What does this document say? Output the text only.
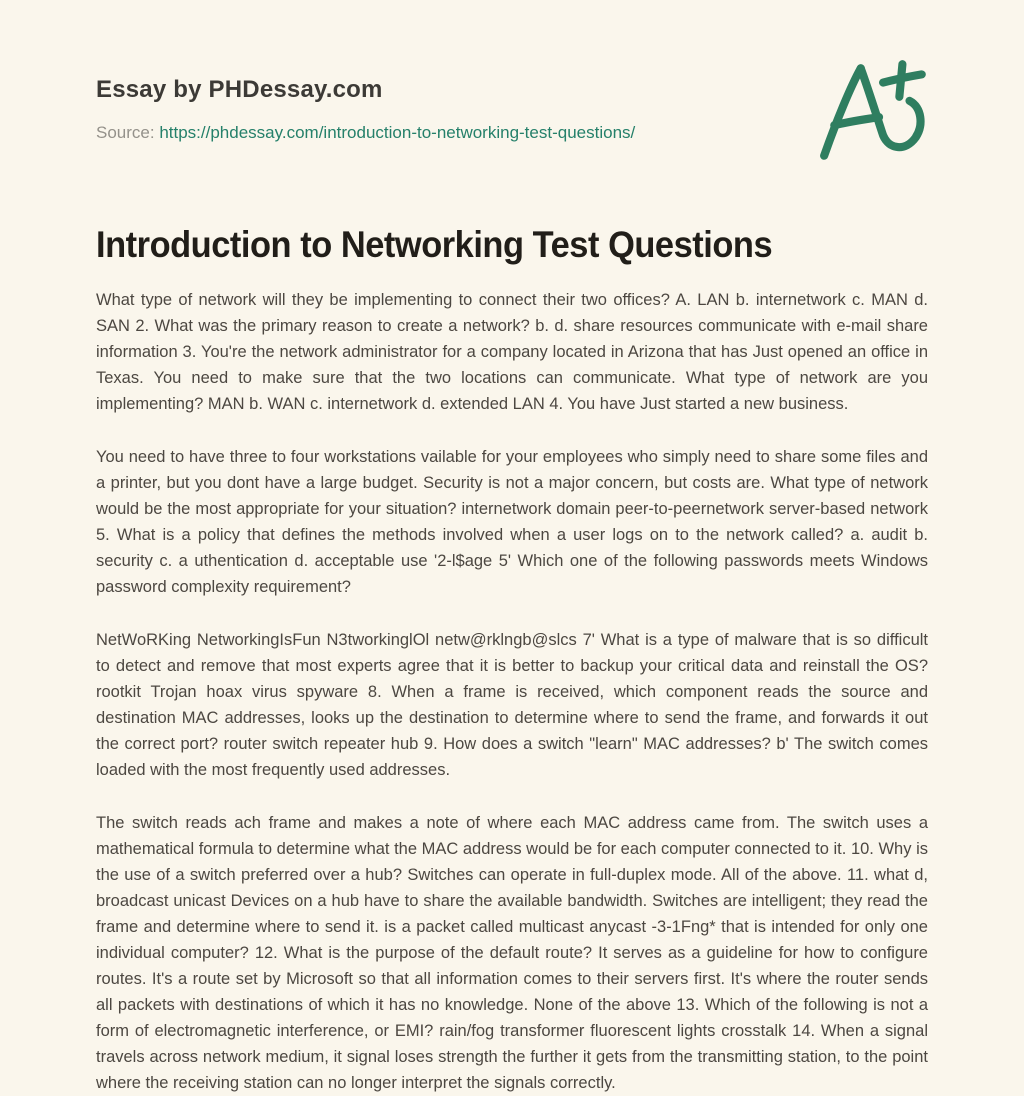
Essay by PHDessay.com
Source: https://phdessay.com/introduction-to-networking-test-questions/
Introduction to Networking Test Questions

What type of network will they be implementing to connect their two offices? A. LAN b. internetwork c. MAN d. SAN 2. What was the primary reason to create a network? b. d. share resources communicate with e-mail share information 3. You're the network administrator for a company located in Arizona that has Just opened an office in Texas. You need to make sure that the two locations can communicate. What type of network are you implementing? MAN b. WAN c. internetwork d. extended LAN 4. You have Just started a new business.

You need to have three to four workstations vailable for your employees who simply need to share some files and a printer, but you dont have a large budget. Security is not a major concern, but costs are. What type of network would be the most appropriate for your situation? internetwork domain peer-to-peernetwork server-based network 5. What is a policy that defines the methods involved when a user logs on to the network called? a. audit b. security c. a uthentication d. acceptable use '2-l$age 5' Which one of the following passwords meets Windows password complexity requirement?

NetWoRKing NetworkingIsFun N3tworkinglOl netw@rklngb@slcs 7' What is a type of malware that is so difficult to detect and remove that most experts agree that it is better to backup your critical data and reinstall the OS? rootkit Trojan hoax virus spyware 8. When a frame is received, which component reads the source and destination MAC addresses, looks up the destination to determine where to send the frame, and forwards it out the correct port? router switch repeater hub 9. How does a switch "learn" MAC addresses? b' The switch comes loaded with the most frequently used addresses.

The switch reads ach frame and makes a note of where each MAC address came from. The switch uses a mathematical formula to determine what the MAC address would be for each computer connected to it. 10. Why is the use of a switch preferred over a hub? Switches can operate in full-duplex mode. All of the above. 11. what d, broadcast unicast Devices on a hub have to share the available bandwidth. Switches are intelligent; they read the frame and determine where to send it. is a packet called multicast anycast -3-1Fng* that is intended for only one individual computer? 12. What is the purpose of the default route? It serves as a guideline for how to configure routes. It's a route set by Microsoft so that all information comes to their servers first. It's where the router sends all packets with destinations of which it has no knowledge. None of the above 13. Which of the following is not a form of electromagnetic interference, or EMI? rain/fog transformer fluorescent lights crosstalk 14. When a signal travels across network medium, it signal loses strength the further it gets from the transmitting station, to the point where the receiving station can no longer interpret the signals correctly.
